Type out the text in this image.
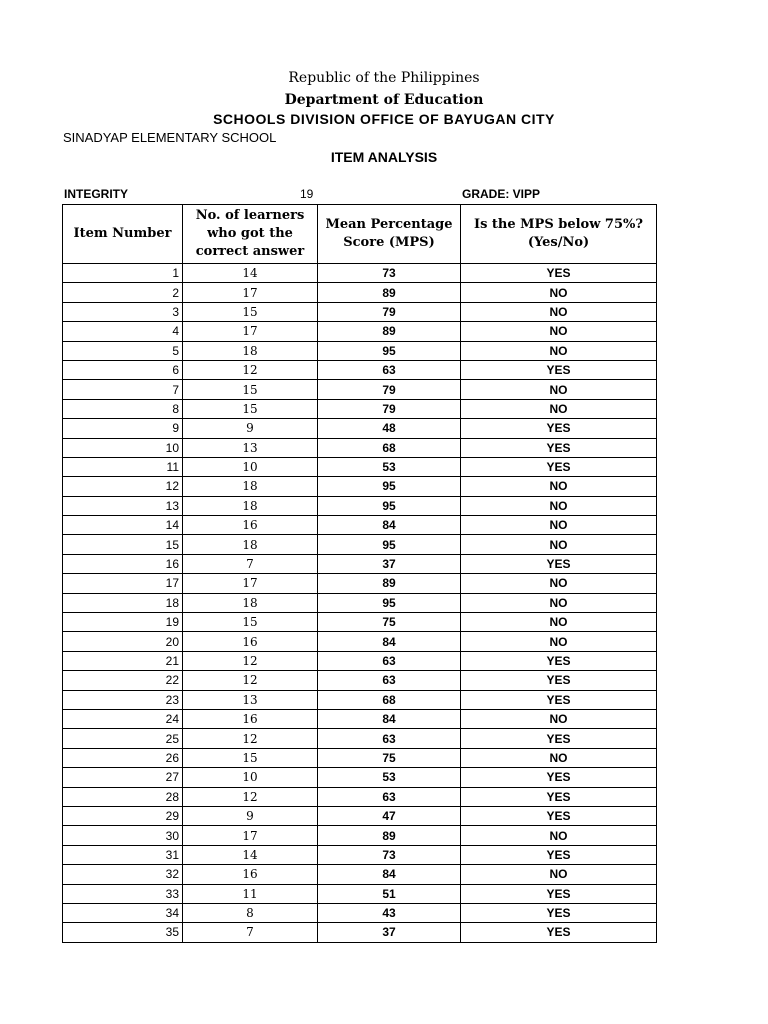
Republic of the Philippines
Department of Education
SCHOOLS DIVISION OFFICE OF BAYUGAN CITY
SINADYAP ELEMENTARY SCHOOL
ITEM ANALYSIS
INTEGRITY	19	GRADE: VIPP
Item Number	No. of learners who got the correct answer	Mean Percentage Score (MPS)	Is the MPS below 75%? (Yes/No)
1	14	73	YES
2	17	89	NO
3	15	79	NO
4	17	89	NO
5	18	95	NO
6	12	63	YES
7	15	79	NO
8	15	79	NO
9	9	48	YES
10	13	68	YES
11	10	53	YES
12	18	95	NO
13	18	95	NO
14	16	84	NO
15	18	95	NO
16	7	37	YES
17	17	89	NO
18	18	95	NO
19	15	75	NO
20	16	84	NO
21	12	63	YES
22	12	63	YES
23	13	68	YES
24	16	84	NO
25	12	63	YES
26	15	75	NO
27	10	53	YES
28	12	63	YES
29	9	47	YES
30	17	89	NO
31	14	73	YES
32	16	84	NO
33	11	51	YES
34	8	43	YES
35	7	37	YES
